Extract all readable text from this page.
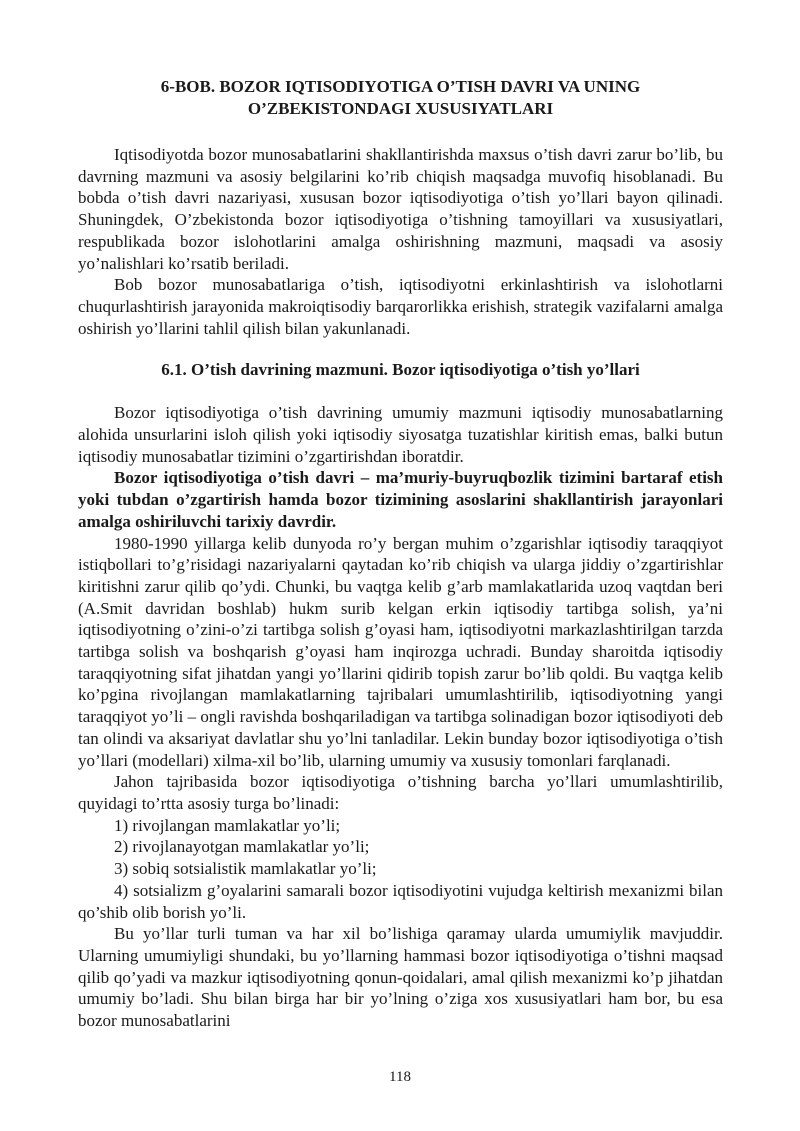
6-BOB. BOZOR IQTISODIYOTIGA O’TISH DAVRI VA UNING
O’ZBEKISTONDAGI XUSUSIYATLARI

Iqtisodiyotda bozor munosabatlarini shakllantirishda maxsus o’tish davri zarur bo’lib, bu davrning mazmuni va asosiy belgilarini ko’rib chiqish maqsadga muvofiq hisoblanadi. Bu bobda o’tish davri nazariyasi, xususan bozor iqtisodiyotiga o’tish yo’llari bayon qilinadi. Shuningdek, O’zbekistonda bozor iqtisodiyotiga o’tishning tamoyillari va xususiyatlari, respublikada bozor islohotlarini amalga oshirishning mazmuni, maqsadi va asosiy yo’nalishlari ko’rsatib beriladi.

Bob bozor munosabatlariga o’tish, iqtisodiyotni erkinlashtirish va islohotlarni chuqurlashtirish jarayonida makroiqtisodiy barqarorlikka erishish, strategik vazifalarni amalga oshirish yo’llarini tahlil qilish bilan yakunlanadi.

6.1. O’tish davrining mazmuni. Bozor iqtisodiyotiga o’tish yo’llari

Bozor iqtisodiyotiga o’tish davrining umumiy mazmuni iqtisodiy munosabatlarning alohida unsurlarini isloh qilish yoki iqtisodiy siyosatga tuzatishlar kiritish emas, balki butun iqtisodiy munosabatlar tizimini o’zgartirishdan iboratdir.

Bozor iqtisodiyotiga o’tish davri – ma’muriy-buyruqbozlik tizimini bartaraf etish yoki tubdan o’zgartirish hamda bozor tizimining asoslarini shakllantirish jarayonlari amalga oshiriluvchi tarixiy davrdir.

1980-1990 yillarga kelib dunyoda ro’y bergan muhim o’zgarishlar iqtisodiy taraqqiyot istiqbollari to’g’risidagi nazariyalarni qaytadan ko’rib chiqish va ularga jiddiy o’zgartirishlar kiritishni zarur qilib qo’ydi. Chunki, bu vaqtga kelib g’arb mamlakatlarida uzoq vaqtdan beri (A.Smit davridan boshlab) hukm surib kelgan erkin iqtisodiy tartibga solish, ya’ni iqtisodiyotning o’zini-o’zi tartibga solish g’oyasi ham, iqtisodiyotni markazlashtirilgan tarzda tartibga solish va boshqarish g’oyasi ham inqirozga uchradi. Bunday sharoitda iqtisodiy taraqqiyotning sifat jihatdan yangi yo’llarini qidirib topish zarur bo’lib qoldi. Bu vaqtga kelib ko’pgina rivojlangan mamlakatlarning tajribalari umumlashtirilib, iqtisodiyotning yangi taraqqiyot yo’li – ongli ravishda boshqariladigan va tartibga solinadigan bozor iqtisodiyoti deb tan olindi va aksariyat davlatlar shu yo’lni tanladilar. Lekin bunday bozor iqtisodiyotiga o’tish yo’llari (modellari) xilma-xil bo’lib, ularning umumiy va xususiy tomonlari farqlanadi.

Jahon tajribasida bozor iqtisodiyotiga o’tishning barcha yo’llari umumlashtirilib, quyidagi to’rtta asosiy turga bo’linadi:

1) rivojlangan mamlakatlar yo’li;

2) rivojlanayotgan mamlakatlar yo’li;

3) sobiq sotsialistik mamlakatlar yo’li;

4) sotsializm g’oyalarini samarali bozor iqtisodiyotini vujudga keltirish mexanizmi bilan qo’shib olib borish yo’li.

Bu yo’llar turli tuman va har xil bo’lishiga qaramay ularda umumiylik mavjuddir. Ularning umumiyligi shundaki, bu yo’llarning hammasi bozor iqtisodiyotiga o’tishni maqsad qilib qo’yadi va mazkur iqtisodiyotning qonun-qoidalari, amal qilish mexanizmi ko’p jihatdan umumiy bo’ladi. Shu bilan birga har bir yo’lning o’ziga xos xususiyatlari ham bor, bu esa bozor munosabatlarini

118
